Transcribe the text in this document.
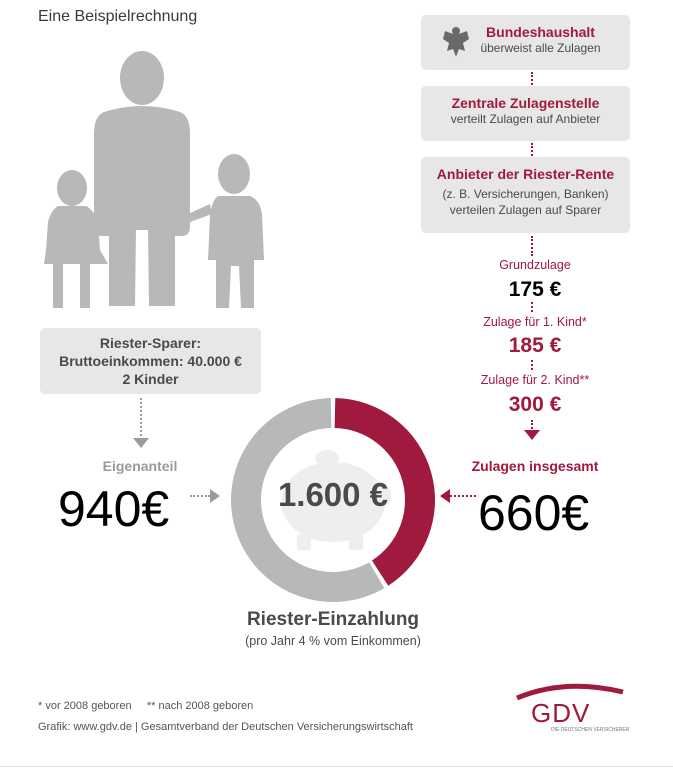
Eine Beispielrechnung
Riester-Sparer:
Bruttoeinkommen: 40.000 €
2 Kinder
Eigenanteil
940€	1.600 €
Bundeshaushalt
überweist alle Zulagen
Zentrale Zulagenstelle
verteilt Zulagen auf Anbieter
Anbieter der Riester-Rente
(z. B. Versicherungen, Banken)
verteilen Zulagen auf Sparer
Grundzulage
175 €
Zulage für 1. Kind*
185 €
Zulage für 2. Kind**
300 €
Zulagen insgesamt
660€
Riester-Einzahlung
(pro Jahr 4 % vom Einkommen)
* vor 2008 geboren     ** nach 2008 geboren
Grafik: www.gdv.de | Gesamtverband der Deutschen Versicherungswirtschaft	GDV
DIE DEUTSCHEN VERSICHERER
